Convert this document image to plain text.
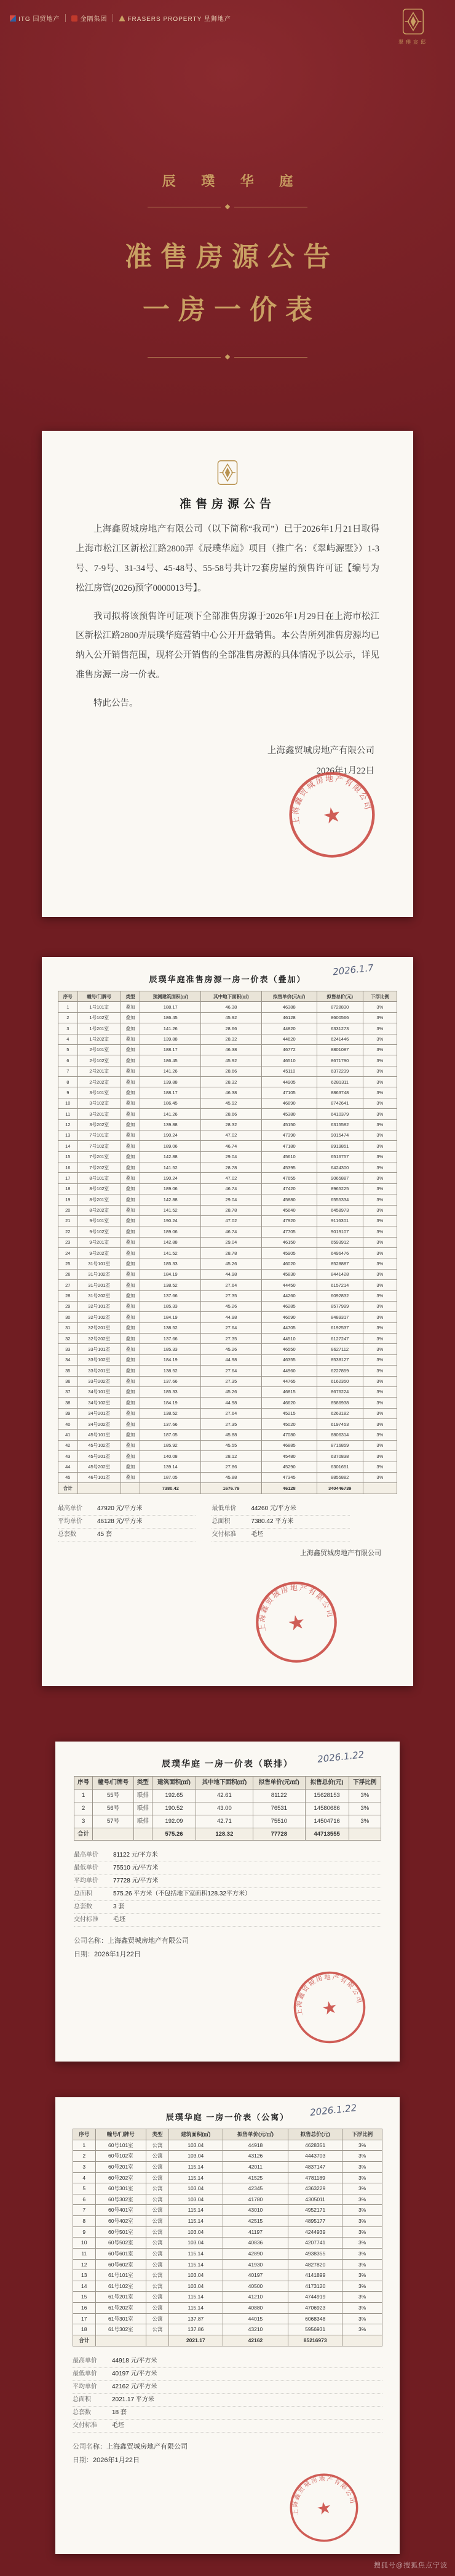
ITG 国贸地产	金隅集团	FRASERS PROPERTY 星狮地产
翠璞宸邸
辰 璞 华 庭
准售房源公告
一房一价表
准售房源公告

上海鑫贸城房地产有限公司（以下简称“我司”）已于2026年1月21日取得上海市松江区新松江路2800弄《辰璞华庭》项目（推广名：《翠屿源墅》）1-3号、7-9号、31-34号、45-48号、55-58号共计72套房屋的预售许可证【编号为松江房管(2026)预字0000013号】。

我司拟将该预售许可证项下全部准售房源于2026年1月29日在上海市松江区新松江路2800弄辰璞华庭营销中心公开开盘销售。本公告所列准售房源均已纳入公开销售范围，现将公开销售的全部准售房源的具体情况予以公示，详见准售房源一房一价表。

特此公告。

上海鑫贸城房地产有限公司
2026年1月22日
上海鑫贸城房地产有限公司
★
2026.1.7
辰璞华庭准售房源一房一价表（叠加）
序号	幢号/门牌号	类型	预测建筑面积(㎡)	其中地下面积(㎡)	拟售单价(元/㎡)	拟售总价(元)	下浮比例
1	1号101室	叠加	188.17	46.38	46388	8728830	3%
2	1号102室	叠加	186.45	45.92	46128	8600566	3%
3	1号201室	叠加	141.26	28.66	44820	6331273	3%
4	1号202室	叠加	139.88	28.32	44620	6241446	3%
5	2号101室	叠加	188.17	46.38	46772	8801087	3%
6	2号102室	叠加	186.45	45.92	46510	8671790	3%
7	2号201室	叠加	141.26	28.66	45110	6372239	3%
8	2号202室	叠加	139.88	28.32	44905	6281311	3%
9	3号101室	叠加	188.17	46.38	47105	8863748	3%
10	3号102室	叠加	186.45	45.92	46890	8742641	3%
11	3号201室	叠加	141.26	28.66	45380	6410379	3%
12	3号202室	叠加	139.88	28.32	45150	6315582	3%
13	7号101室	叠加	190.24	47.02	47390	9015474	3%
14	7号102室	叠加	189.06	46.74	47180	8919851	3%
15	7号201室	叠加	142.88	29.04	45610	6516757	3%
16	7号202室	叠加	141.52	28.78	45395	6424300	3%
17	8号101室	叠加	190.24	47.02	47655	9065887	3%
18	8号102室	叠加	189.06	46.74	47420	8965225	3%
19	8号201室	叠加	142.88	29.04	45880	6555334	3%
20	8号202室	叠加	141.52	28.78	45640	6458973	3%
21	9号101室	叠加	190.24	47.02	47920	9116301	3%
22	9号102室	叠加	189.06	46.74	47705	9019107	3%
23	9号201室	叠加	142.88	29.04	46150	6593912	3%
24	9号202室	叠加	141.52	28.78	45905	6496476	3%
25	31号101室	叠加	185.33	45.26	46020	8528887	3%
26	31号102室	叠加	184.19	44.98	45830	8441428	3%
27	31号201室	叠加	138.52	27.64	44450	6157214	3%
28	31号202室	叠加	137.66	27.35	44260	6092832	3%
29	32号101室	叠加	185.33	45.26	46285	8577999	3%
30	32号102室	叠加	184.19	44.98	46090	8489317	3%
31	32号201室	叠加	138.52	27.64	44705	6192537	3%
32	32号202室	叠加	137.66	27.35	44510	6127247	3%
33	33号101室	叠加	185.33	45.26	46550	8627112	3%
34	33号102室	叠加	184.19	44.98	46355	8538127	3%
35	33号201室	叠加	138.52	27.64	44960	6227859	3%
36	33号202室	叠加	137.66	27.35	44765	6162350	3%
37	34号101室	叠加	185.33	45.26	46815	8676224	3%
38	34号102室	叠加	184.19	44.98	46620	8586938	3%
39	34号201室	叠加	138.52	27.64	45215	6263182	3%
40	34号202室	叠加	137.66	27.35	45020	6197453	3%
41	45号101室	叠加	187.05	45.88	47080	8806314	3%
42	45号102室	叠加	185.92	45.55	46885	8716859	3%
43	45号201室	叠加	140.08	28.12	45480	6370838	3%
44	45号202室	叠加	139.14	27.86	45290	6301651	3%
45	46号101室	叠加	187.05	45.88	47345	8855882	3%
合计			7380.42	1676.79	46128	340446739	
最高单价	47920 元/平方米	最低单价	44260 元/平方米
平均单价	46128 元/平方米	总面积	7380.42 平方米
总套数	45 套	交付标准	毛坯
上海鑫贸城房地产有限公司
上海鑫贸城房地产有限公司
★
2026.1.22
辰璞华庭 一房一价表（联排）
序号	幢号/门牌号	类型	建筑面积(㎡)	其中地下面积(㎡)	拟售单价(元/㎡)	拟售总价(元)	下浮比例
1	55号	联排	192.65	42.61	81122	15628153	3%
2	56号	联排	190.52	43.00	76531	14580686	3%
3	57号	联排	192.09	42.71	75510	14504716	3%
合计			575.26	128.32	77728	44713555	
最高单价	81122 元/平方米
最低单价	75510 元/平方米
平均单价	77728 元/平方米
总面积	575.26 平方米（不包括地下室面积128.32平方米）
总套数	3 套
交付标准	毛坯
公司名称：上海鑫贸城房地产有限公司
日期：2026年1月22日
上海鑫贸城房地产有限公司
★
2026.1.22
辰璞华庭 一房一价表（公寓）
序号	幢号/门牌号	类型	建筑面积(㎡)	拟售单价(元/㎡)	拟售总价(元)	下浮比例
1	60号101室	公寓	103.04	44918	4628351	3%
2	60号102室	公寓	103.04	43126	4443703	3%
3	60号201室	公寓	115.14	42011	4837147	3%
4	60号202室	公寓	115.14	41525	4781189	3%
5	60号301室	公寓	103.04	42345	4363229	3%
6	60号302室	公寓	103.04	41780	4305011	3%
7	60号401室	公寓	115.14	43010	4952171	3%
8	60号402室	公寓	115.14	42515	4895177	3%
9	60号501室	公寓	103.04	41197	4244939	3%
10	60号502室	公寓	103.04	40836	4207741	3%
11	60号601室	公寓	115.14	42890	4938355	3%
12	60号602室	公寓	115.14	41930	4827820	3%
13	61号101室	公寓	103.04	40197	4141899	3%
14	61号102室	公寓	103.04	40500	4173120	3%
15	61号201室	公寓	115.14	41210	4744919	3%
16	61号202室	公寓	115.14	40880	4706923	3%
17	61号301室	公寓	137.87	44015	6068348	3%
18	61号302室	公寓	137.86	43210	5956931	3%
合计			2021.17	42162	85216973	
最高单价	44918 元/平方米
最低单价	40197 元/平方米
平均单价	42162 元/平方米
总面积	2021.17 平方米
总套数	18 套
交付标准	毛坯
公司名称：上海鑫贸城房地产有限公司
日期：2026年1月22日
上海鑫贸城房地产有限公司
★
搜狐号@搜狐焦点宁波
